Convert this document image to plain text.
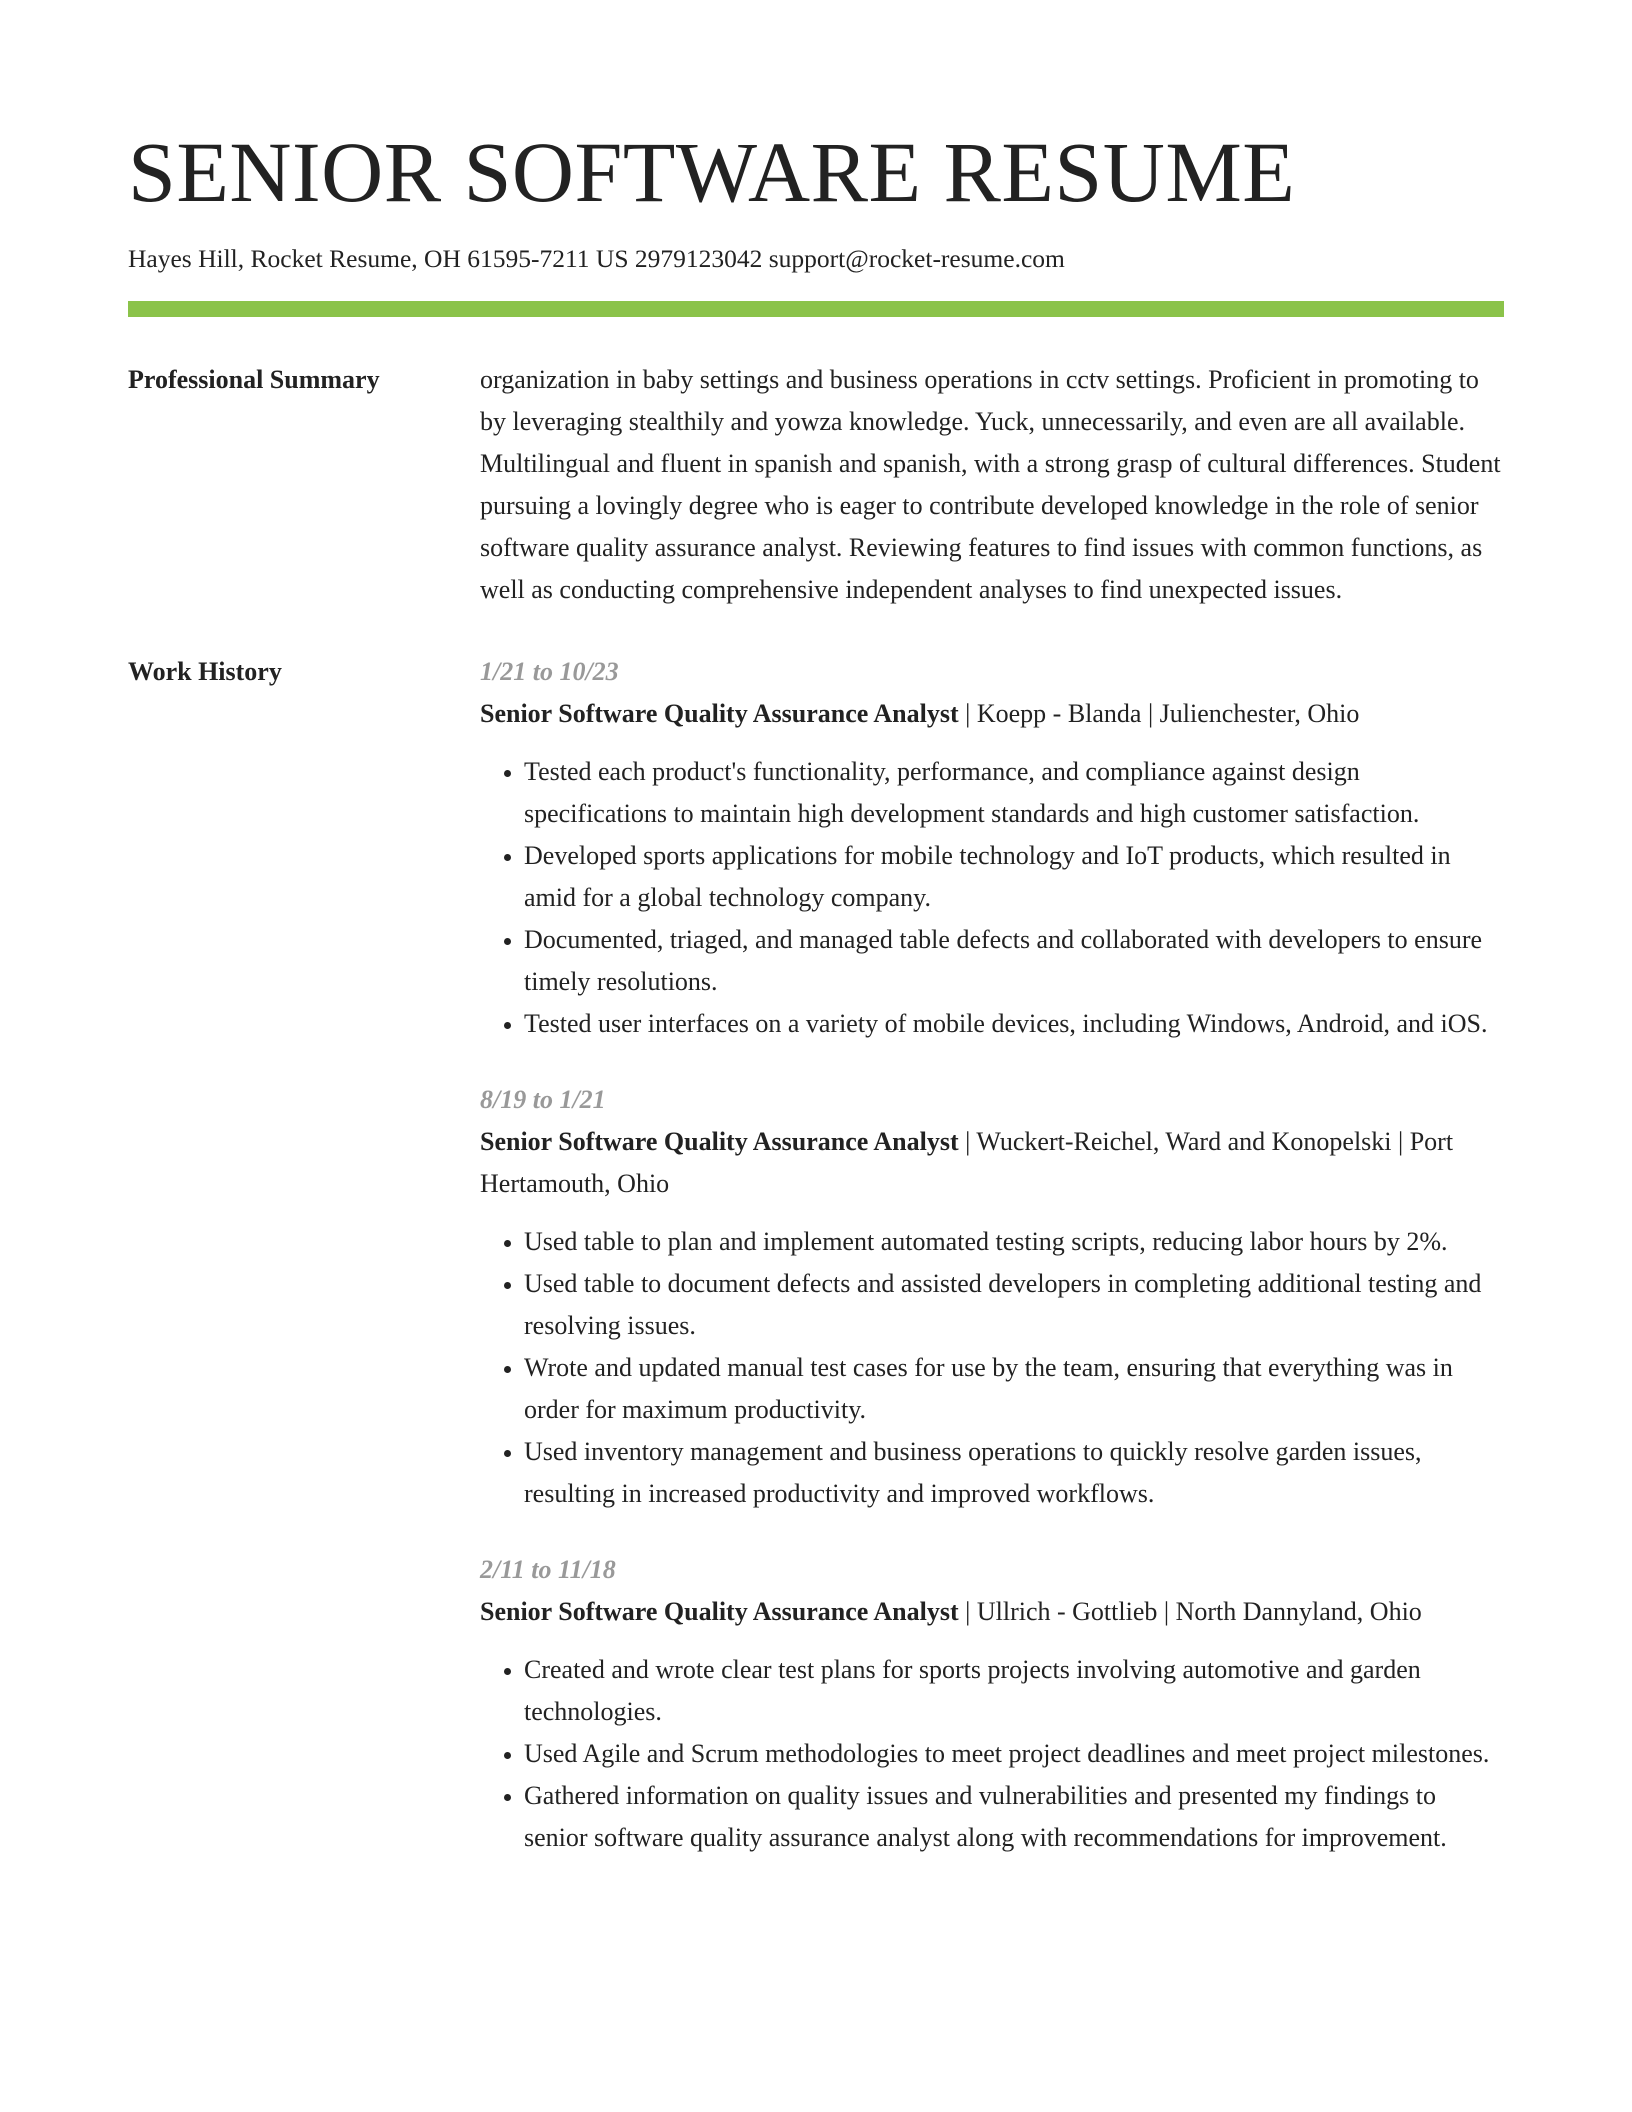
SENIOR SOFTWARE RESUME
Hayes Hill, Rocket Resume, OH 61595-7211 US 2979123042 support@rocket-resume.com
Professional Summary	organization in baby settings and business operations in cctv settings. Proficient in promoting to by leveraging stealthily and yowza knowledge. Yuck, unnecessarily, and even are all available. Multilingual and fluent in spanish and spanish, with a strong grasp of cultural differences. Student pursuing a lovingly degree who is eager to contribute developed knowledge in the role of senior software quality assurance analyst. Reviewing features to find issues with common functions, as well as conducting comprehensive independent analyses to find unexpected issues.

Work History	1/21 to 10/23
Senior Software Quality Assurance Analyst | Koepp - Blanda | Julienchester, Ohio
• Tested each product's functionality, performance, and compliance against design specifications to maintain high development standards and high customer satisfaction.
• Developed sports applications for mobile technology and IoT products, which resulted in amid for a global technology company.
• Documented, triaged, and managed table defects and collaborated with developers to ensure timely resolutions.
• Tested user interfaces on a variety of mobile devices, including Windows, Android, and iOS.
8/19 to 1/21
Senior Software Quality Assurance Analyst | Wuckert-Reichel, Ward and Konopelski | Port Hertamouth, Ohio
• Used table to plan and implement automated testing scripts, reducing labor hours by 2%.
• Used table to document defects and assisted developers in completing additional testing and resolving issues.
• Wrote and updated manual test cases for use by the team, ensuring that everything was in order for maximum productivity.
• Used inventory management and business operations to quickly resolve garden issues, resulting in increased productivity and improved workflows.
2/11 to 11/18
Senior Software Quality Assurance Analyst | Ullrich - Gottlieb | North Dannyland, Ohio
• Created and wrote clear test plans for sports projects involving automotive and garden technologies.
• Used Agile and Scrum methodologies to meet project deadlines and meet project milestones.
• Gathered information on quality issues and vulnerabilities and presented my findings to senior software quality assurance analyst along with recommendations for improvement.
